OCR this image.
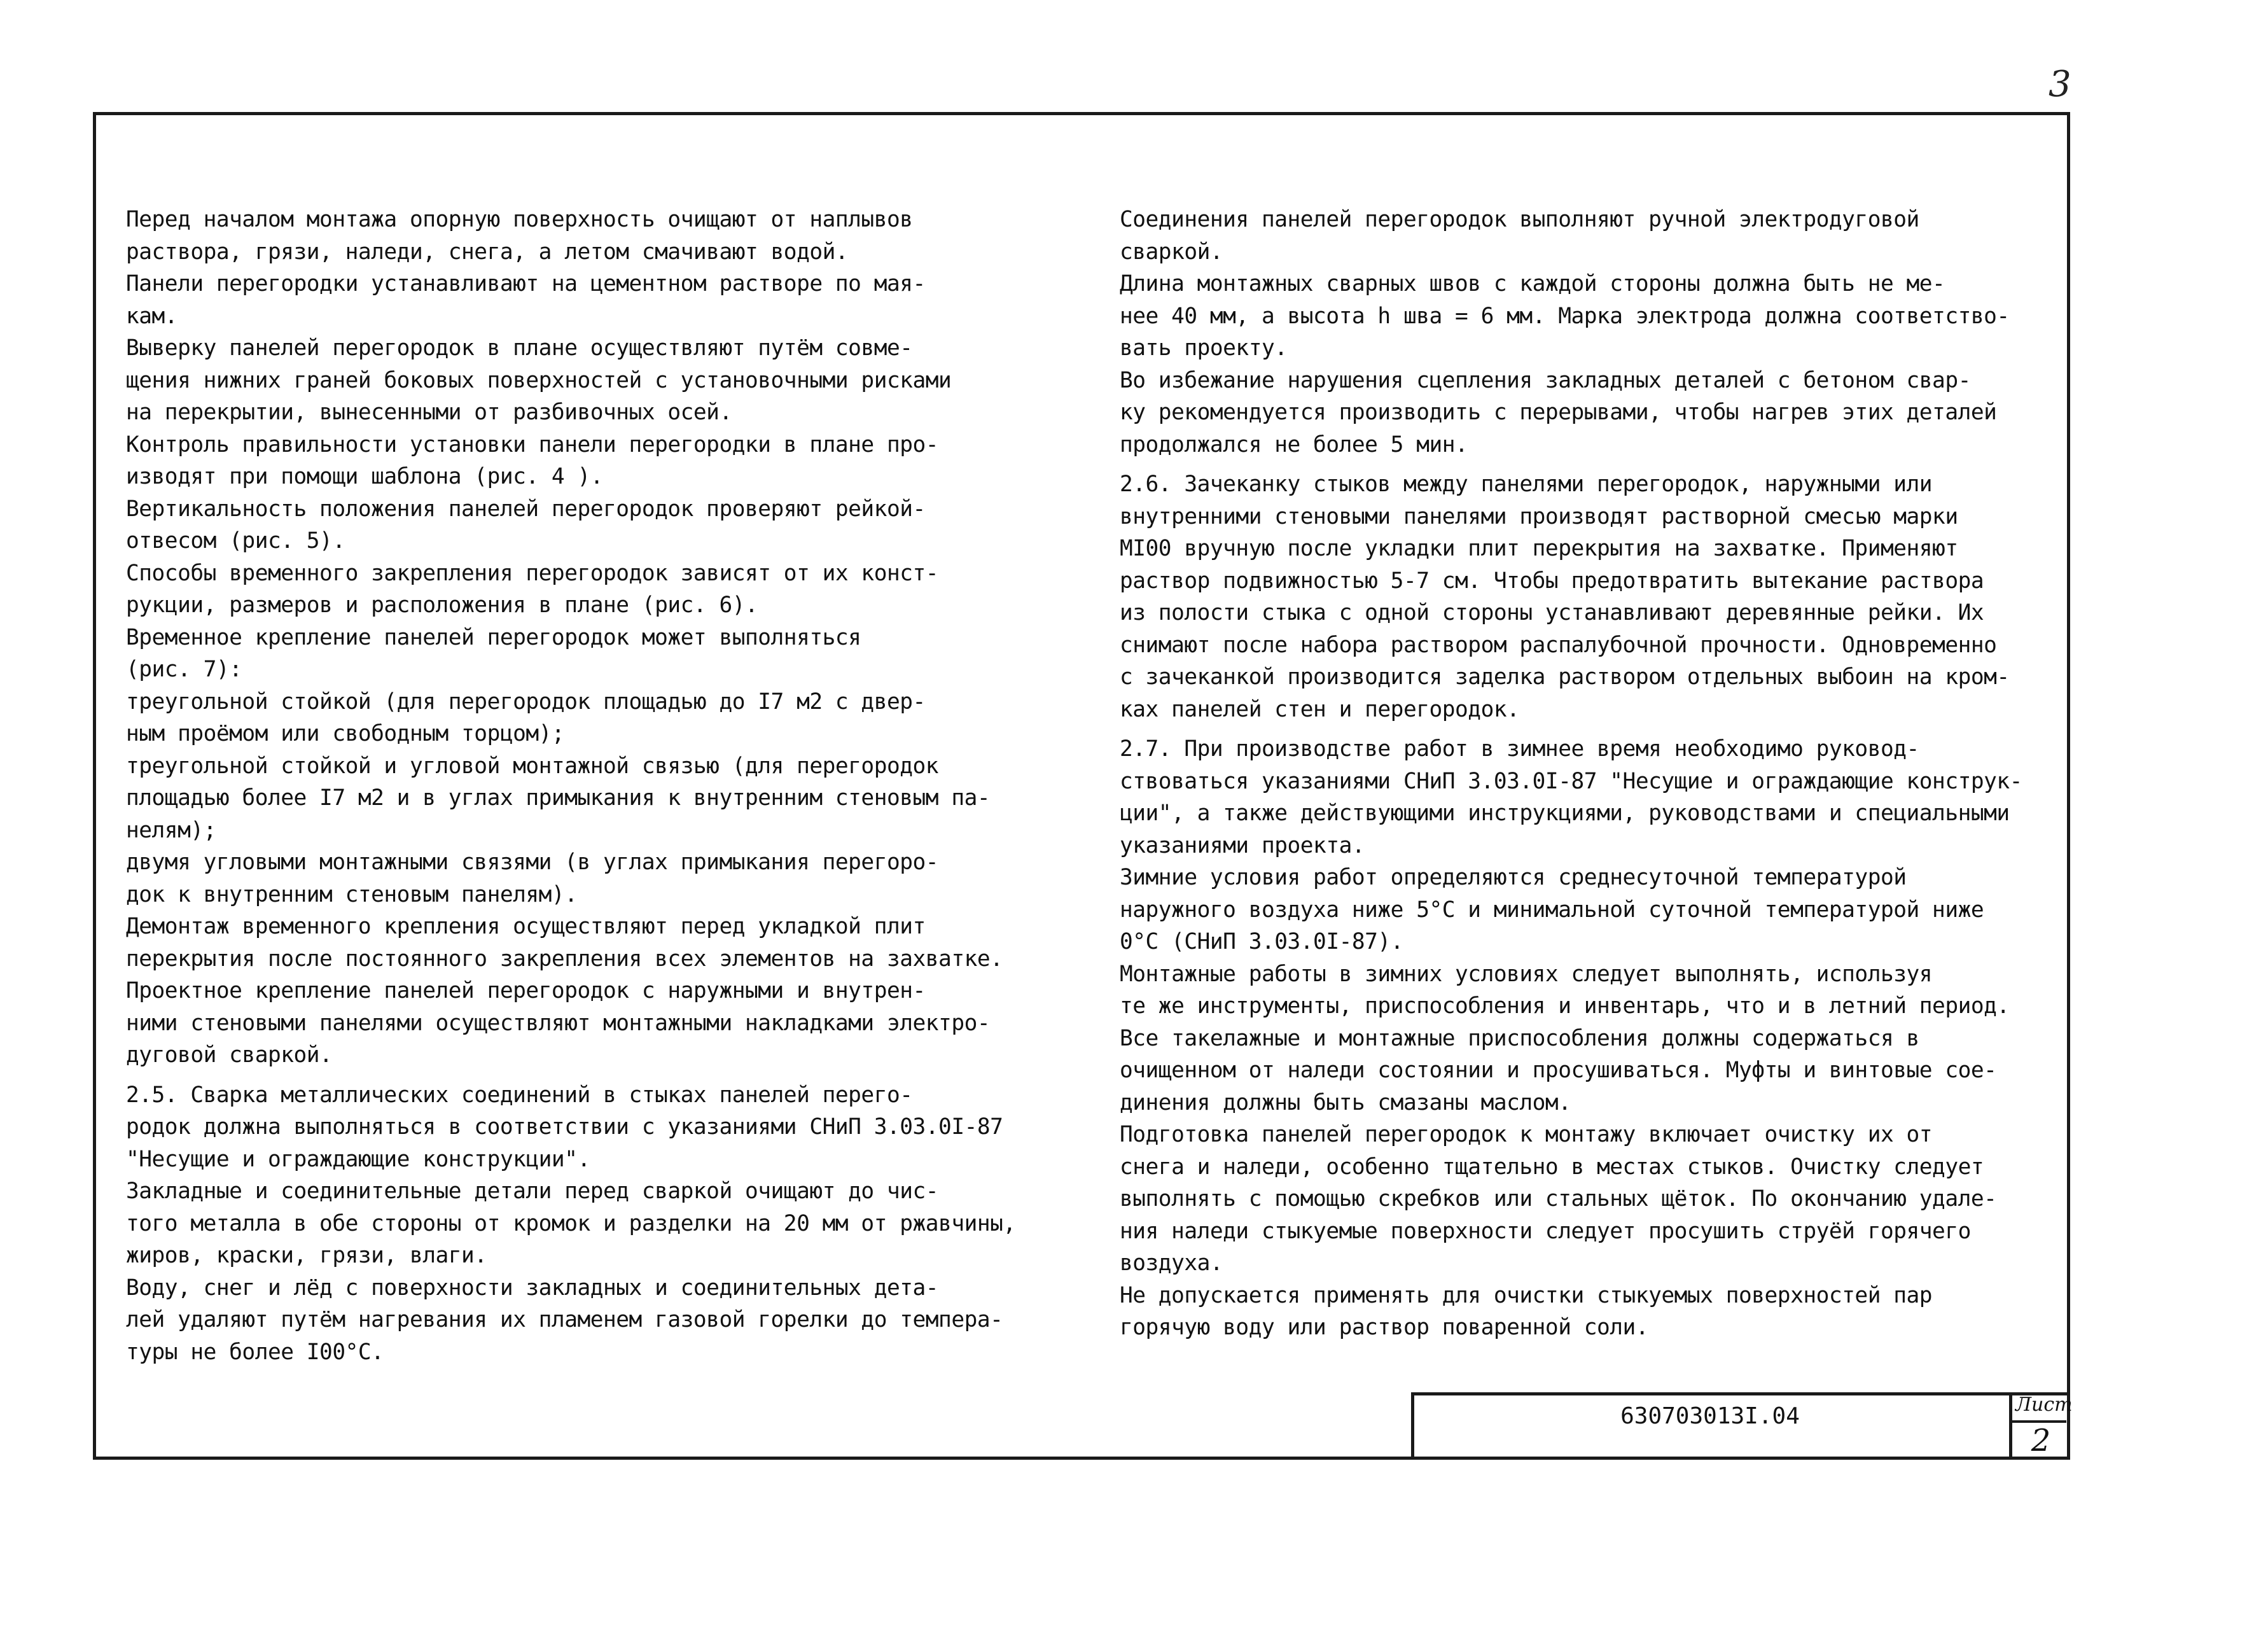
3

Перед началом монтажа опорную поверхность очищают от наплывов
раствора, грязи, наледи, снега, а летом смачивают водой.

Панели перегородки устанавливают на цементном растворе по мая-
кам.

Выверку панелей перегородок в плане осуществляют путём совме-
щения нижних граней боковых поверхностей с установочными рисками
на перекрытии, вынесенными от разбивочных осей.

Контроль правильности установки панели перегородки в плане про-
изводят при помощи шаблона (рис. 4 ).

Вертикальность положения панелей перегородок проверяют рейкой-
отвесом (рис. 5).

Способы временного закрепления перегородок зависят от их конст-
рукции, размеров и расположения в плане (рис. 6).

Временное крепление панелей перегородок может выполняться
(рис. 7):

треугольной стойкой (для перегородок площадью до I7 м2 с двер-
ным проёмом или свободным торцом);

треугольной стойкой и угловой монтажной связью (для перегородок
площадью более I7 м2 и в углах примыкания к внутренним стеновым па-
нелям);

двумя угловыми монтажными связями (в углах примыкания перегоро-
док к внутренним стеновым панелям).

Демонтаж временного крепления осуществляют перед укладкой плит
перекрытия после постоянного закрепления всех элементов на захватке.

Проектное крепление панелей перегородок с наружными и внутрен-
ними стеновыми панелями осуществляют монтажными накладками электро-
дуговой сваркой.

2.5. Сварка металлических соединений в стыках панелей перего-
родок должна выполняться в соответствии с указаниями СНиП 3.03.0I-87
"Несущие и ограждающие конструкции".

Закладные и соединительные детали перед сваркой очищают до чис-
того металла в обе стороны от кромок и разделки на 20 мм от ржавчины,
жиров, краски, грязи, влаги.

Воду, снег и лёд с поверхности закладных и соединительных дета-
лей удаляют путём нагревания их пламенем газовой горелки до темпера-
туры не более I00°C.

Соединения панелей перегородок выполняют ручной электродуговой
сваркой.

Длина монтажных сварных швов с каждой стороны должна быть не ме-
нее 40 мм, а высота h шва = 6 мм. Марка электрода должна соответство-
вать проекту.

Во избежание нарушения сцепления закладных деталей с бетоном свар-
ку рекомендуется производить с перерывами, чтобы нагрев этих деталей
продолжался не более 5 мин.

2.6. Зачеканку стыков между панелями перегородок, наружными или
внутренними стеновыми панелями производят растворной смесью марки
MI00 вручную после укладки плит перекрытия на захватке. Применяют
раствор подвижностью 5-7 см. Чтобы предотвратить вытекание раствора
из полости стыка с одной стороны устанавливают деревянные рейки. Их
снимают после набора раствором распалубочной прочности. Одновременно
с зачеканкой производится заделка раствором отдельных выбоин на кром-
ках панелей стен и перегородок.

2.7. При производстве работ в зимнее время необходимо руковод-
ствоваться указаниями СНиП 3.03.0I-87 "Несущие и ограждающие конструк-
ции", а также действующими инструкциями, руководствами и специальными
указаниями проекта.

Зимние условия работ определяются среднесуточной температурой
наружного воздуха ниже 5°C и минимальной суточной температурой ниже
0°C (СНиП 3.03.0I-87).

Монтажные работы в зимних условиях следует выполнять, используя
те же инструменты, приспособления и инвентарь, что и в летний период.

Все такелажные и монтажные приспособления должны содержаться в
очищенном от наледи состоянии и просушиваться. Муфты и винтовые сое-
динения должны быть смазаны маслом.

Подготовка панелей перегородок к монтажу включает очистку их от
снега и наледи, особенно тщательно в местах стыков. Очистку следует
выполнять с помощью скребков или стальных щёток. По окончанию удале-
ния наледи стыкуемые поверхности следует просушить струёй горячего
воздуха.

Не допускается применять для очистки стыкуемых поверхностей пар
горячую воду или раствор поваренной соли.

630703013I.04	Лист
2
